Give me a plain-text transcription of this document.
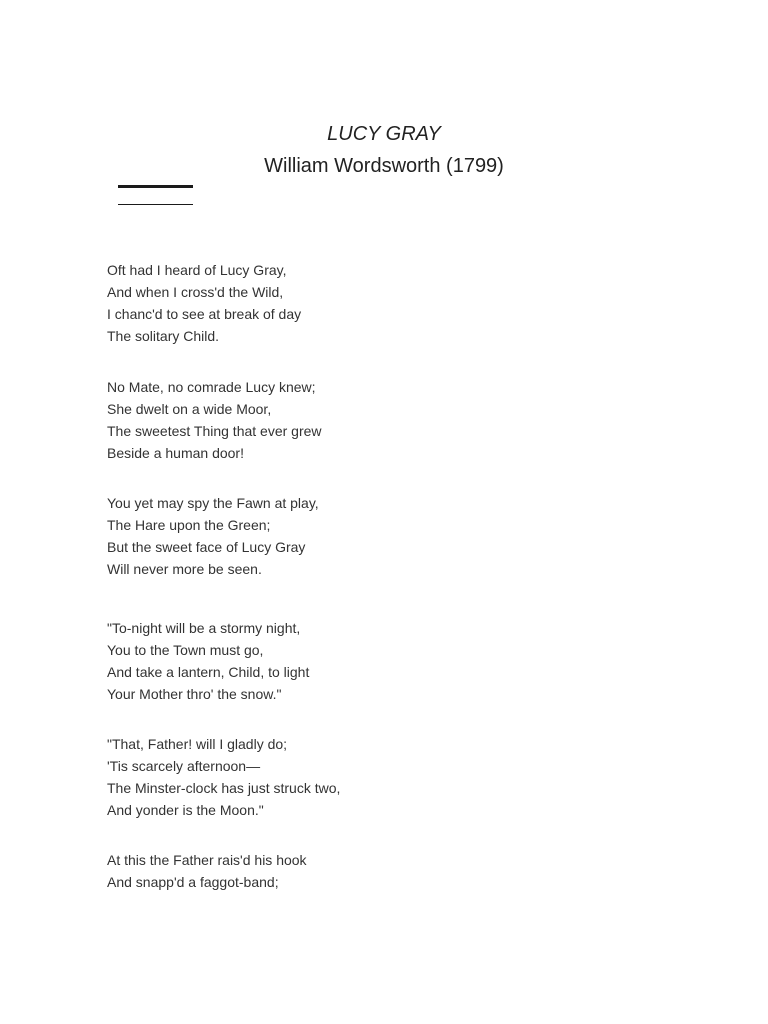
LUCY GRAY
William Wordsworth (1799)
Oft had I heard of Lucy Gray,
And when I cross'd the Wild,
I chanc'd to see at break of day
The solitary Child.
No Mate, no comrade Lucy knew;
She dwelt on a wide Moor,
The sweetest Thing that ever grew
Beside a human door!
You yet may spy the Fawn at play,
The Hare upon the Green;
But the sweet face of Lucy Gray
Will never more be seen.
"To-night will be a stormy night,
You to the Town must go,
And take a lantern, Child, to light
Your Mother thro' the snow."
"That, Father! will I gladly do;
'Tis scarcely afternoon—
The Minster-clock has just struck two,
And yonder is the Moon."
At this the Father rais'd his hook
And snapp'd a faggot-band;
